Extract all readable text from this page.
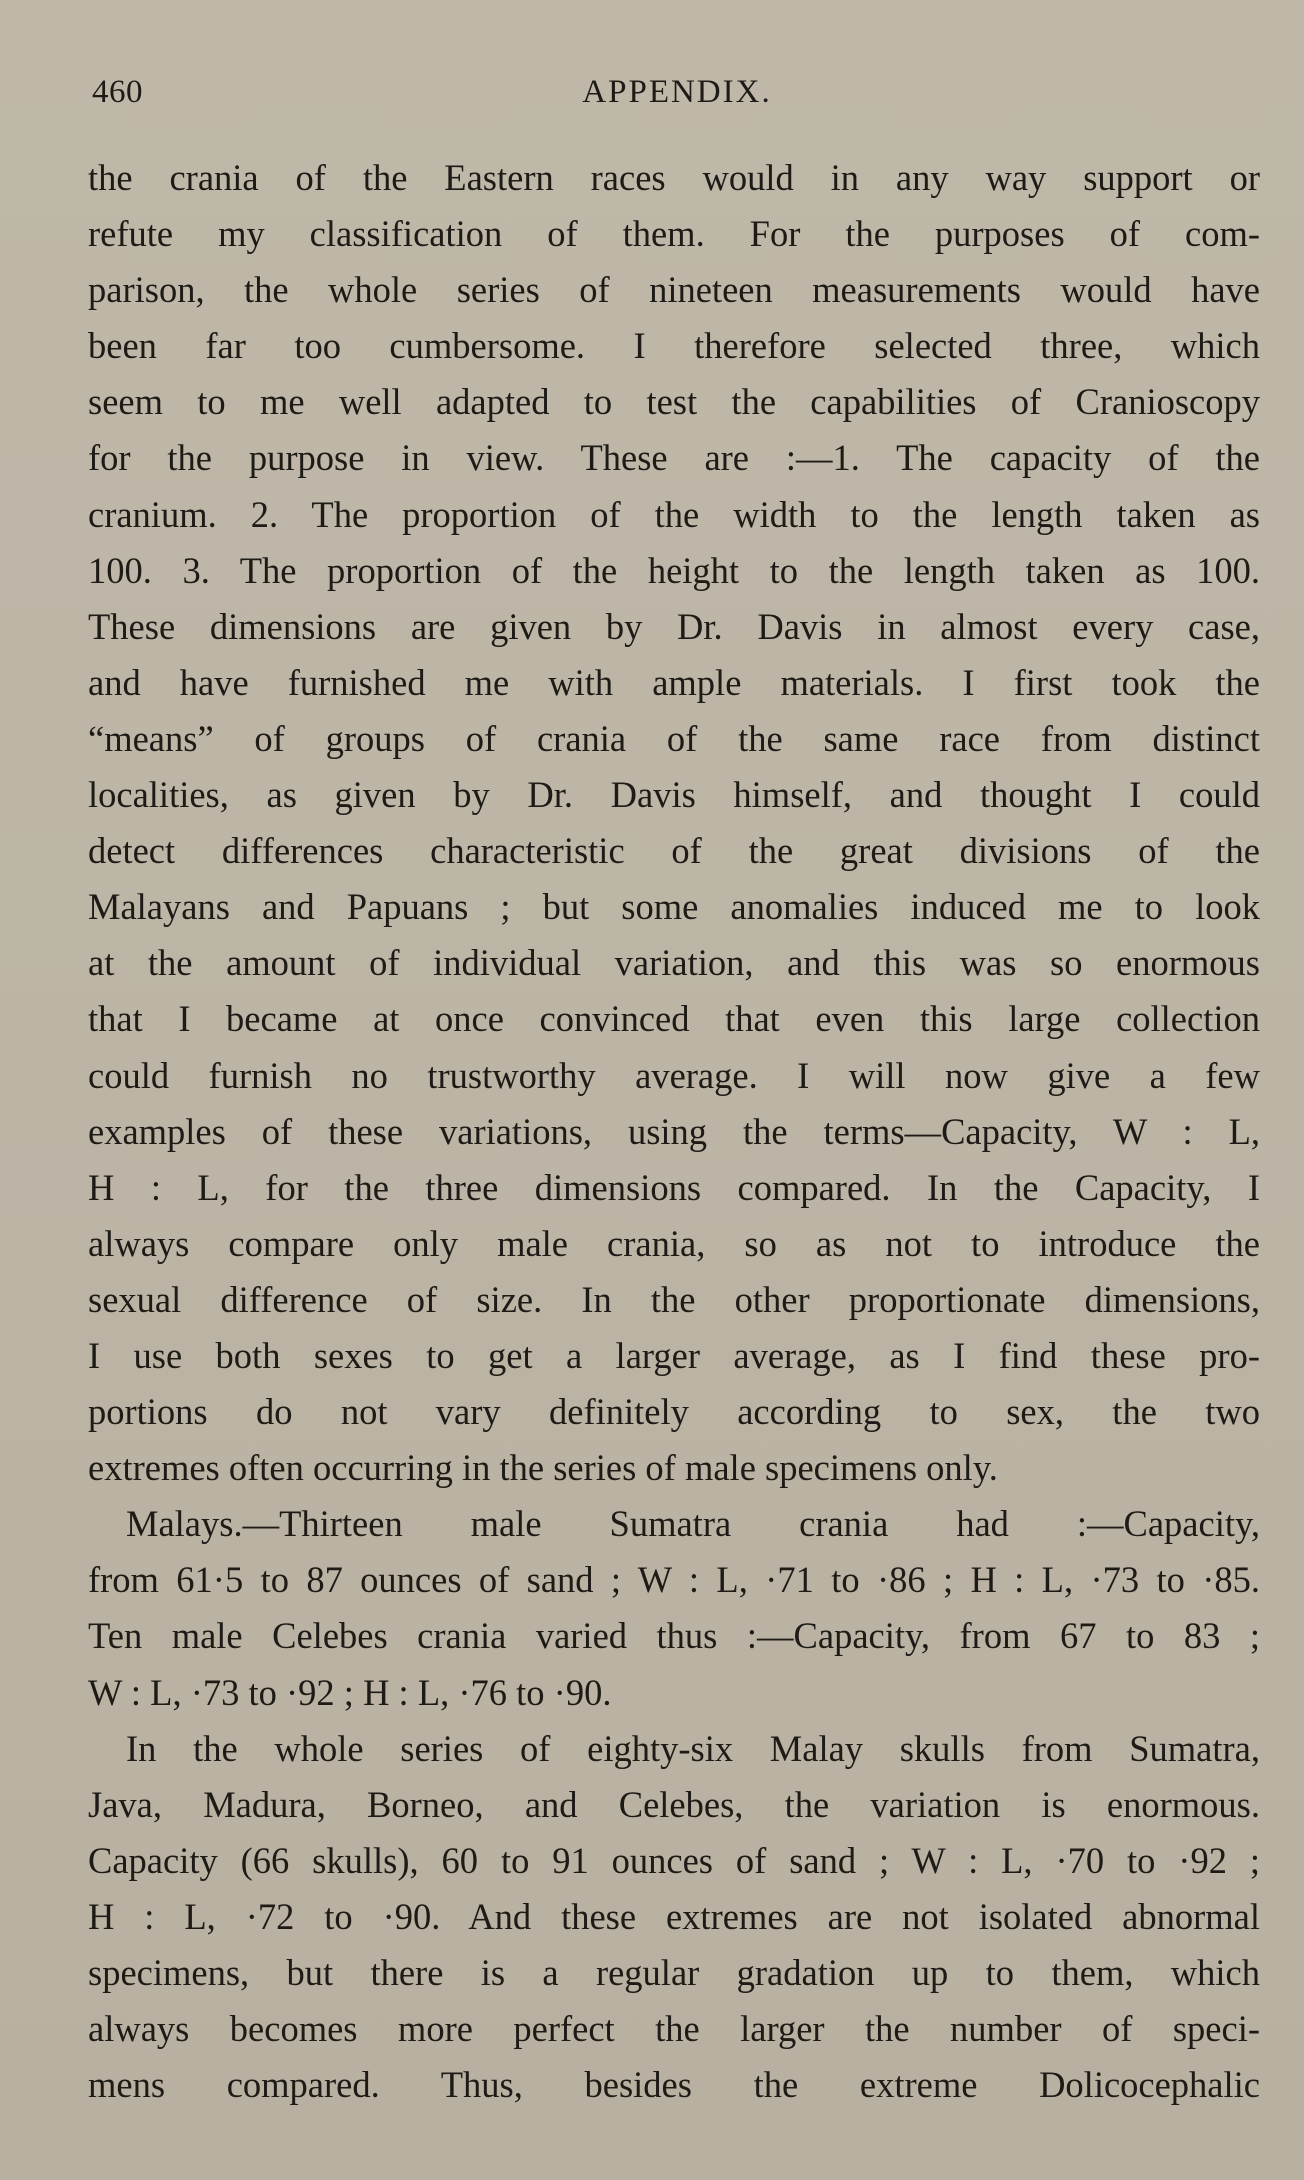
460	APPENDIX.
the crania of the Eastern races would in any way support or
refute my classification of them. For the purposes of com-
parison, the whole series of nineteen measurements would have
been far too cumbersome. I therefore selected three, which
seem to me well adapted to test the capabilities of Cranioscopy
for the purpose in view. These are :—1. The capacity of the
cranium. 2. The proportion of the width to the length taken as
100. 3. The proportion of the height to the length taken as 100.
These dimensions are given by Dr. Davis in almost every case,
and have furnished me with ample materials. I first took the
“means” of groups of crania of the same race from distinct
localities, as given by Dr. Davis himself, and thought I could
detect differences characteristic of the great divisions of the
Malayans and Papuans ; but some anomalies induced me to look
at the amount of individual variation, and this was so enormous
that I became at once convinced that even this large collection
could furnish no trustworthy average. I will now give a few
examples of these variations, using the terms—Capacity, W : L,
H : L, for the three dimensions compared. In the Capacity, I
always compare only male crania, so as not to introduce the
sexual difference of size. In the other proportionate dimensions,
I use both sexes to get a larger average, as I find these pro-
portions do not vary definitely according to sex, the two
extremes often occurring in the series of male specimens only.
Malays.—Thirteen male Sumatra crania had :—Capacity,
from 61·5 to 87 ounces of sand ; W : L, ·71 to ·86 ; H : L, ·73 to ·85.
Ten male Celebes crania varied thus :—Capacity, from 67 to 83 ;
W : L, ·73 to ·92 ; H : L, ·76 to ·90.
In the whole series of eighty-six Malay skulls from Sumatra,
Java, Madura, Borneo, and Celebes, the variation is enormous.
Capacity (66 skulls), 60 to 91 ounces of sand ; W : L, ·70 to ·92 ;
H : L, ·72 to ·90. And these extremes are not isolated abnormal
specimens, but there is a regular gradation up to them, which
always becomes more perfect the larger the number of speci-
mens compared. Thus, besides the extreme Dolicocephalic
